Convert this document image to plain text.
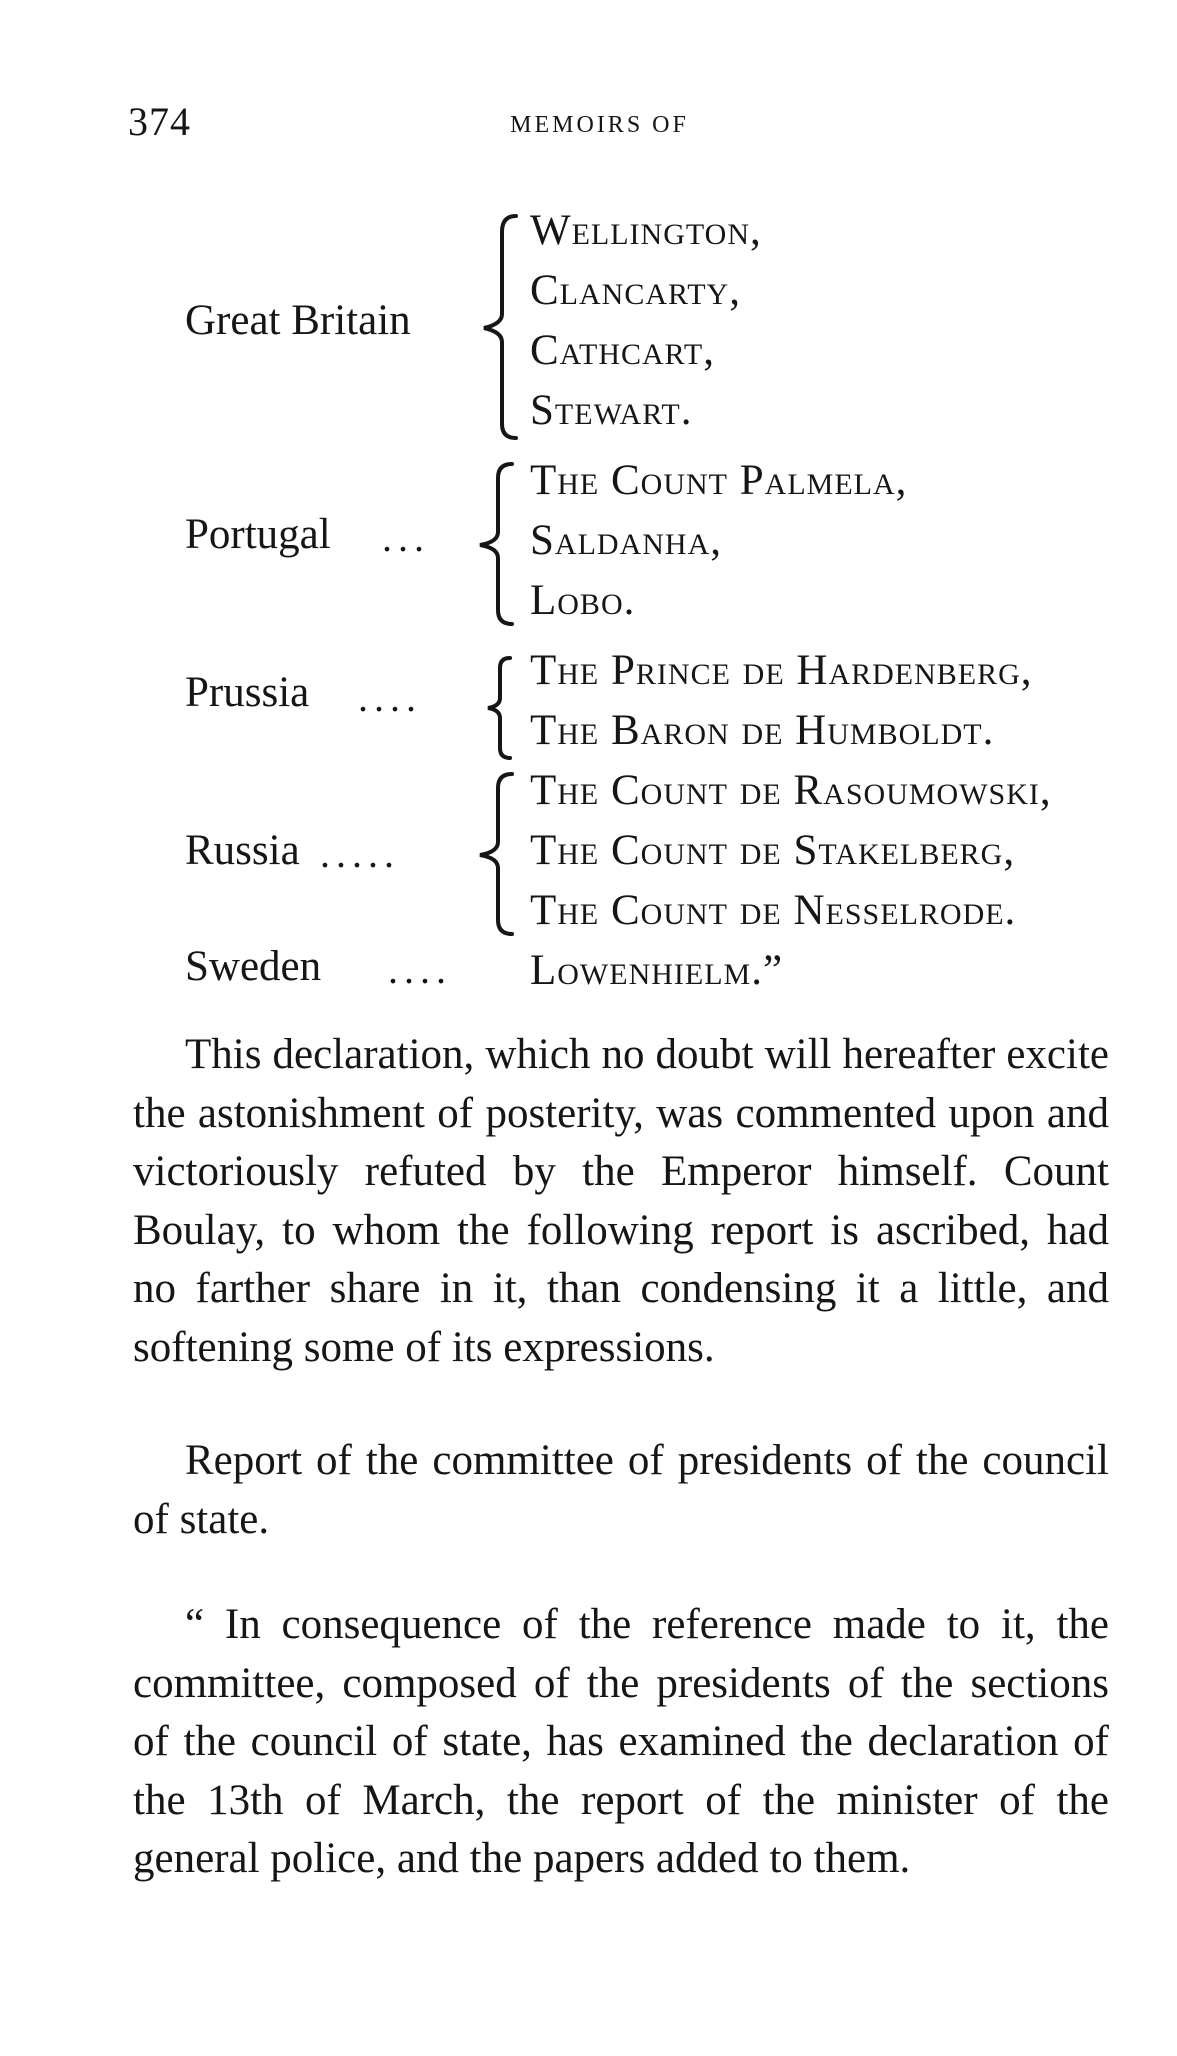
374	MEMOIRS OF
Great Britain
Wellington,
Clancarty,
Cathcart,
Stewart.
Portugal ...
The Count Palmela,
Saldanha,
Lobo.
Prussia ....
The Prince de Hardenberg,
The Baron de Humboldt.
Russia .....
The Count de Rasoumowski,
The Count de Stakelberg,
The Count de Nesselrode.
Sweden .... Lowenhielm.”

This declaration, which no doubt will hereafter excite the astonishment of posterity, was commented upon and victoriously refuted by the Emperor himself. Count Boulay, to whom the following report is ascribed, had no farther share in it, than condensing it a little, and softening some of its expressions.

Report of the committee of presidents of the council of state.

“ In consequence of the reference made to it, the committee, composed of the presidents of the sections of the council of state, has examined the declaration of the 13th of March, the report of the minister of the general police, and the papers added to them.
